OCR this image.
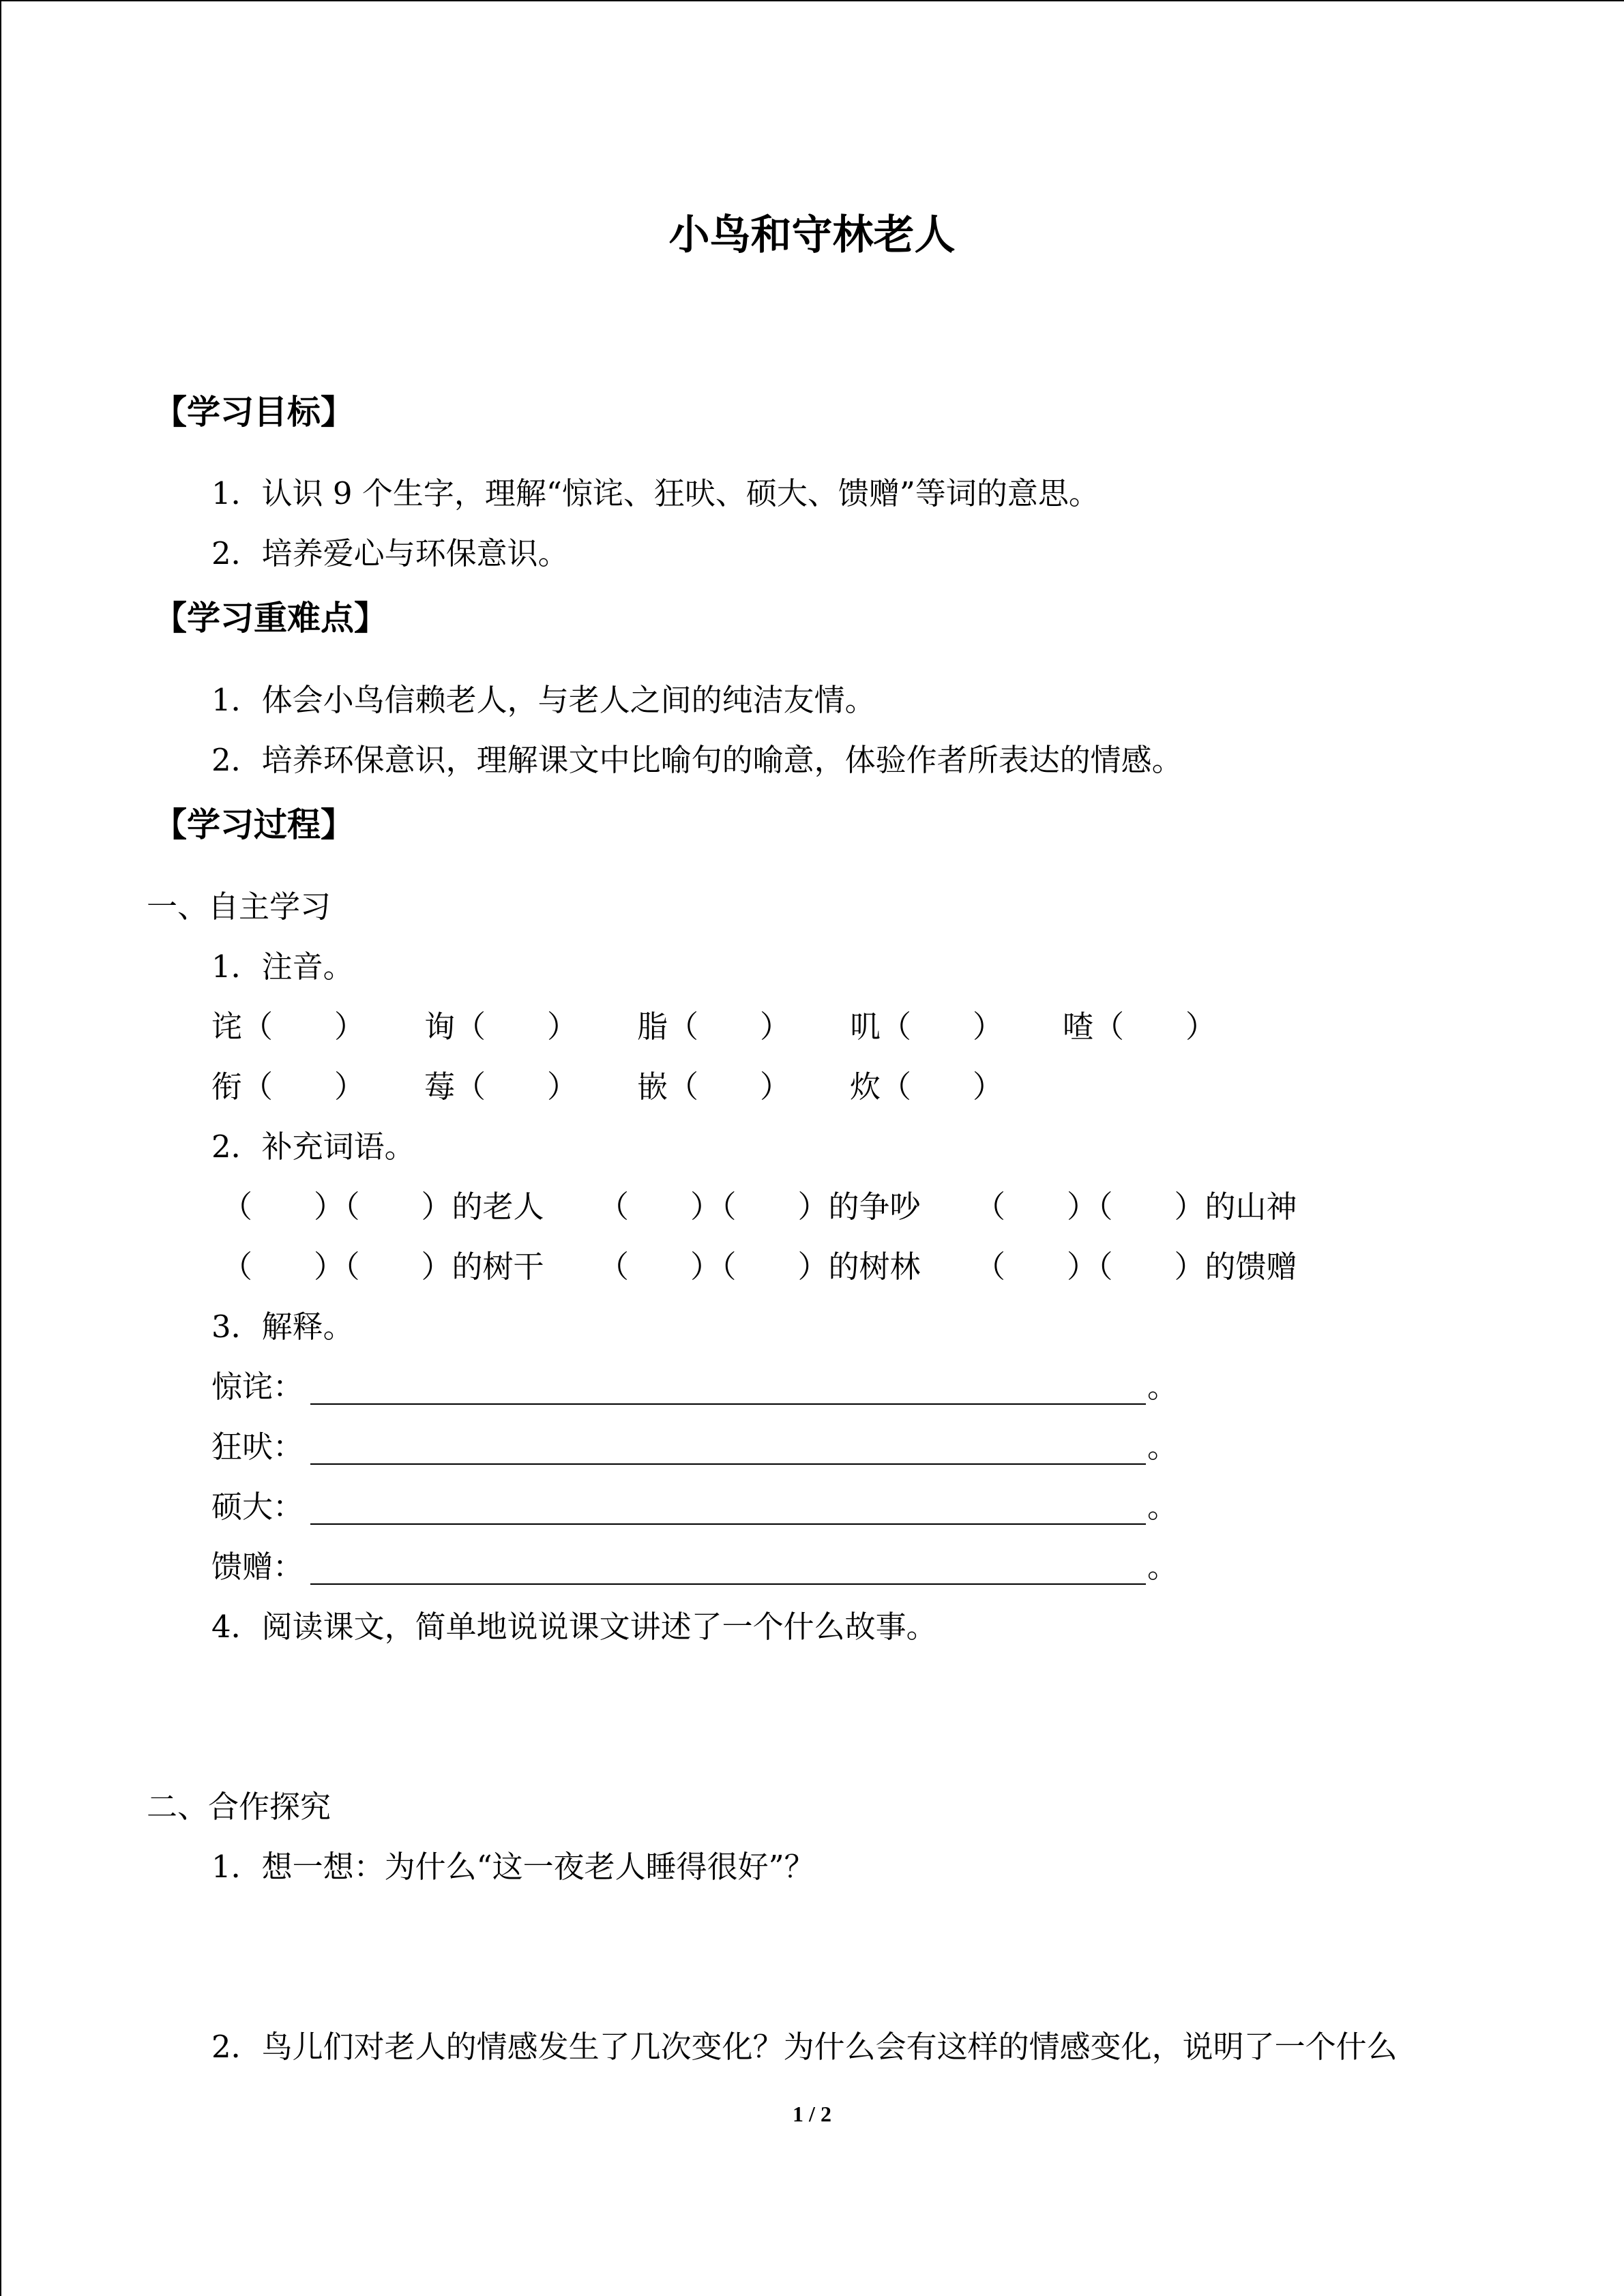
小鸟和守林老人
【学习目标】
1．认识 9 个生字，理解“惊诧、狂吠、硕大、馈赠”等词的意思。
2．培养爱心与环保意识。
【学习重难点】
1．体会小鸟信赖老人，与老人之间的纯洁友情。
2．培养环保意识，理解课文中比喻句的喻意，体验作者所表达的情感。
【学习过程】
一、自主学习
1．注音。
诧（　　） 询（　　） 脂（　　） 叽（　　） 喳（　　）
衔（　　） 莓（　　） 嵌（　　） 炊（　　）
2．补充词语。
（　　）（　　）的老人 （　　）（　　）的争吵 （　　）（　　）的山神
（　　）（　　）的树干 （　　）（　　）的树林 （　　）（　　）的馈赠
3．解释。
惊诧：	。
狂吠：	。
硕大：	。
馈赠：	。
4．阅读课文，简单地说说课文讲述了一个什么故事。
二、合作探究
1．想一想：为什么“这一夜老人睡得很好”？
2．鸟儿们对老人的情感发生了几次变化？为什么会有这样的情感变化，说明了一个什么
1 / 2
